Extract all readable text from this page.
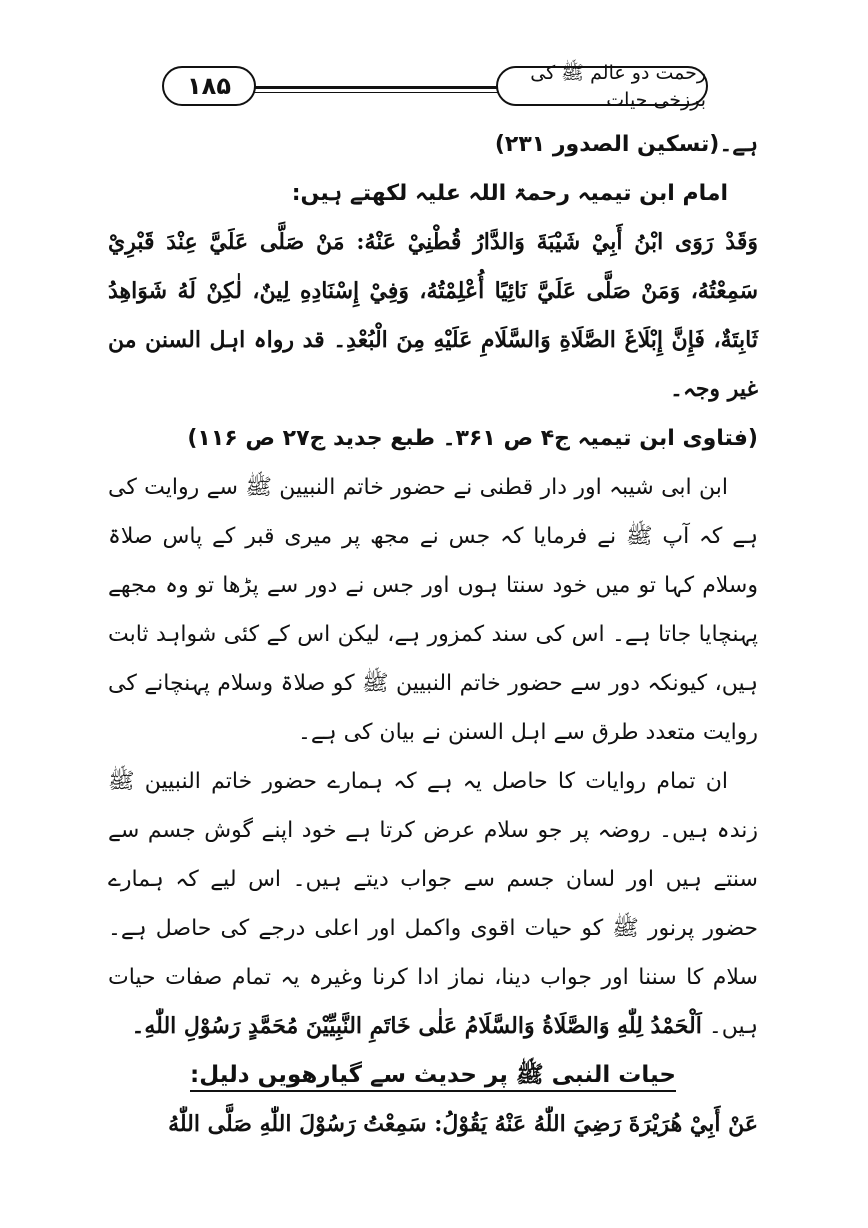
۱۸۵	رحمت دو عالم ﷺ کی برزخی حیات

ہے۔(تسکین الصدور ۲۳۱)

امام ابن تیمیہ رحمۃ اللہ علیہ لکھتے ہیں:

وَقَدْ رَوَى ابْنُ أَبِيْ شَيْبَةَ وَالدَّارُ قُطْنِيْ عَنْهُ: مَنْ صَلَّى عَلَيَّ عِنْدَ قَبْرِيْ سَمِعْتُهُ، وَمَنْ صَلَّى عَلَيَّ نَائِيًا أُعْلِمْتُهُ، وَفِيْ إِسْنَادِهِ لِينٌ، لٰكِنْ لَهُ شَوَاهِدُ ثَابِتَةٌ، فَإِنَّ إِبْلَاغَ الصَّلَاةِ وَالسَّلَامِ عَلَيْهِ مِنَ الْبُعْدِ۔ قد رواہ اہل السنن من غیر وجہ۔

(فتاوی ابن تیمیہ ج۴ ص ۳۶۱۔ طبع جدید ج۲۷ ص ۱۱۶)

ابن ابی شیبہ اور دار قطنی نے حضور خاتم النبیین ﷺ سے روایت کی ہے کہ آپ ﷺ نے فرمایا کہ جس نے مجھ پر میری قبر کے پاس صلاۃ وسلام کہا تو میں خود سنتا ہوں اور جس نے دور سے پڑھا تو وہ مجھے پہنچایا جاتا ہے۔ اس کی سند کمزور ہے، لیکن اس کے کئی شواہد ثابت ہیں، کیونکہ دور سے حضور خاتم النبیین ﷺ کو صلاۃ وسلام پہنچانے کی روایت متعدد طرق سے اہل السنن نے بیان کی ہے۔

ان تمام روایات کا حاصل یہ ہے کہ ہمارے حضور خاتم النبیین ﷺ زندہ ہیں۔ روضہ پر جو سلام عرض کرتا ہے خود اپنے گوش جسم سے سنتے ہیں اور لسان جسم سے جواب دیتے ہیں۔ اس لیے کہ ہمارے حضور پرنور ﷺ کو حیات اقوی واکمل اور اعلی درجے کی حاصل ہے۔ سلام کا سننا اور جواب دینا، نماز ادا کرنا وغیرہ یہ تمام صفات حیات ہیں۔ اَلْحَمْدُ لِلّٰهِ وَالصَّلَاةُ وَالسَّلَامُ عَلٰى خَاتَمِ النَّبِيِّيْنَ مُحَمَّدٍ رَسُوْلِ اللّٰهِ۔

حیات النبی ﷺ پر حدیث سے گیارھویں دلیل:

عَنْ أَبِيْ هُرَيْرَةَ رَضِيَ اللّٰهُ عَنْهُ يَقُوْلُ: سَمِعْتُ رَسُوْلَ اللّٰهِ صَلَّى اللّٰهُ
